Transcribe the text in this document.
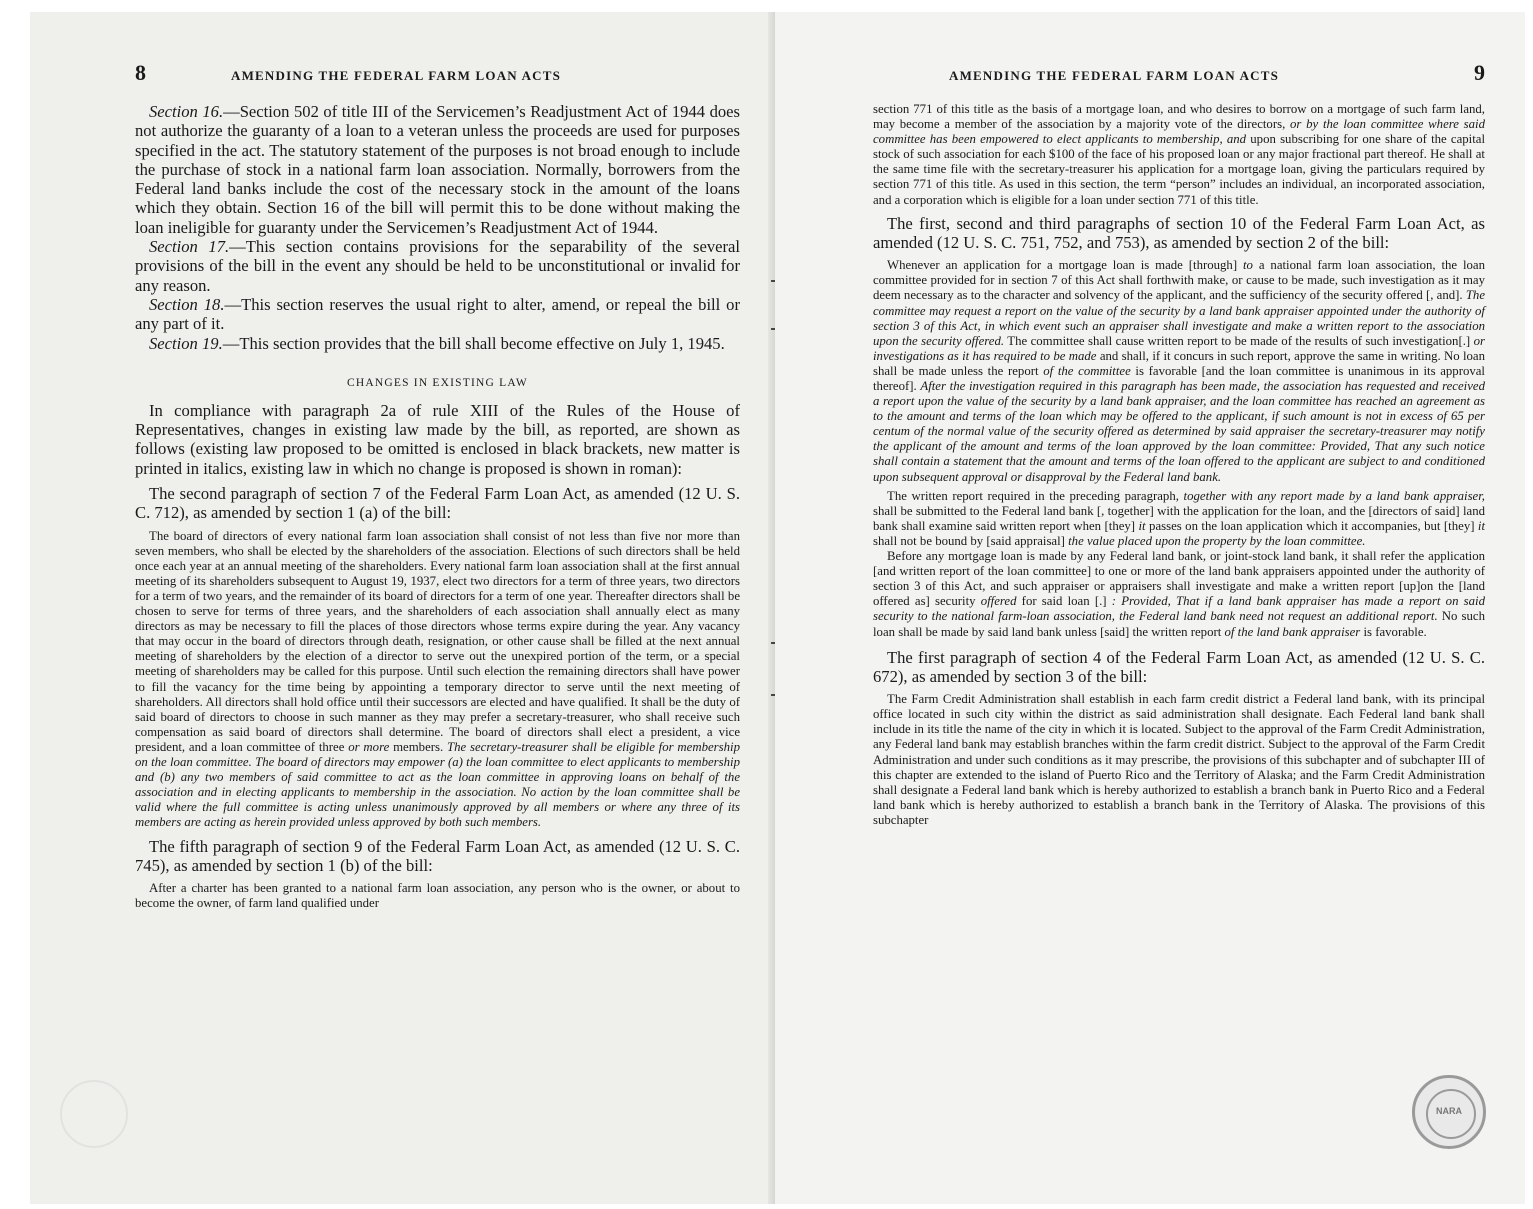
8	AMENDING THE FEDERAL FARM LOAN ACTS

Section 16.—Section 502 of title III of the Servicemen’s Readjustment Act of 1944 does not authorize the guaranty of a loan to a veteran unless the proceeds are used for purposes specified in the act. The statutory statement of the purposes is not broad enough to include the purchase of stock in a national farm loan association. Normally, borrowers from the Federal land banks include the cost of the necessary stock in the amount of the loans which they obtain. Section 16 of the bill will permit this to be done without making the loan ineligible for guaranty under the Servicemen’s Readjustment Act of 1944.

Section 17.—This section contains provisions for the separability of the several provisions of the bill in the event any should be held to be unconstitutional or invalid for any reason.

Section 18.—This section reserves the usual right to alter, amend, or repeal the bill or any part of it.

Section 19.—This section provides that the bill shall become effective on July 1, 1945.

CHANGES IN EXISTING LAW

In compliance with paragraph 2a of rule XIII of the Rules of the House of Representatives, changes in existing law made by the bill, as reported, are shown as follows (existing law proposed to be omitted is enclosed in black brackets, new matter is printed in italics, existing law in which no change is proposed is shown in roman):

The second paragraph of section 7 of the Federal Farm Loan Act, as amended (12 U. S. C. 712), as amended by section 1 (a) of the bill:

The board of directors of every national farm loan association shall consist of not less than five nor more than seven members, who shall be elected by the shareholders of the association. Elections of such directors shall be held once each year at an annual meeting of the shareholders. Every national farm loan association shall at the first annual meeting of its shareholders subsequent to August 19, 1937, elect two directors for a term of three years, two directors for a term of two years, and the remainder of its board of directors for a term of one year. Thereafter directors shall be chosen to serve for terms of three years, and the shareholders of each association shall annually elect as many directors as may be necessary to fill the places of those directors whose terms expire during the year. Any vacancy that may occur in the board of directors through death, resignation, or other cause shall be filled at the next annual meeting of shareholders by the election of a director to serve out the unexpired portion of the term, or a special meeting of shareholders may be called for this purpose. Until such election the remaining directors shall have power to fill the vacancy for the time being by appointing a temporary director to serve until the next meeting of shareholders. All directors shall hold office until their successors are elected and have qualified. It shall be the duty of said board of directors to choose in such manner as they may prefer a secretary-treasurer, who shall receive such compensation as said board of directors shall determine. The board of directors shall elect a president, a vice president, and a loan committee of three or more members. The secretary-treasurer shall be eligible for membership on the loan committee. The board of directors may empower (a) the loan committee to elect applicants to membership and (b) any two members of said committee to act as the loan committee in approving loans on behalf of the association and in electing applicants to membership in the association. No action by the loan committee shall be valid where the full committee is acting unless unanimously approved by all members or where any three of its members are acting as herein provided unless approved by both such members.

The fifth paragraph of section 9 of the Federal Farm Loan Act, as amended (12 U. S. C. 745), as amended by section 1 (b) of the bill:

After a charter has been granted to a national farm loan association, any person who is the owner, or about to become the owner, of farm land qualified under

AMENDING THE FEDERAL FARM LOAN ACTS	9

section 771 of this title as the basis of a mortgage loan, and who desires to borrow on a mortgage of such farm land, may become a member of the association by a majority vote of the directors, or by the loan committee where said committee has been empowered to elect applicants to membership, and upon subscribing for one share of the capital stock of such association for each $100 of the face of his proposed loan or any major fractional part thereof. He shall at the same time file with the secretary-treasurer his application for a mortgage loan, giving the particulars required by section 771 of this title. As used in this section, the term “person” includes an individual, an incorporated association, and a corporation which is eligible for a loan under section 771 of this title.

The first, second and third paragraphs of section 10 of the Federal Farm Loan Act, as amended (12 U. S. C. 751, 752, and 753), as amended by section 2 of the bill:

Whenever an application for a mortgage loan is made [through] to a national farm loan association, the loan committee provided for in section 7 of this Act shall forthwith make, or cause to be made, such investigation as it may deem necessary as to the character and solvency of the applicant, and the sufficiency of the security offered [, and]. The committee may request a report on the value of the security by a land bank appraiser appointed under the authority of section 3 of this Act, in which event such an appraiser shall investigate and make a written report to the association upon the security offered. The committee shall cause written report to be made of the results of such investigation[.] or investigations as it has required to be made and shall, if it concurs in such report, approve the same in writing. No loan shall be made unless the report of the committee is favorable [and the loan committee is unanimous in its approval thereof]. After the investigation required in this paragraph has been made, the association has requested and received a report upon the value of the security by a land bank appraiser, and the loan committee has reached an agreement as to the amount and terms of the loan which may be offered to the applicant, if such amount is not in excess of 65 per centum of the normal value of the security offered as determined by said appraiser the secretary-treasurer may notify the applicant of the amount and terms of the loan approved by the loan committee: Provided, That any such notice shall contain a statement that the amount and terms of the loan offered to the applicant are subject to and conditioned upon subsequent approval or disapproval by the Federal land bank.

The written report required in the preceding paragraph, together with any report made by a land bank appraiser, shall be submitted to the Federal land bank [, together] with the application for the loan, and the [directors of said] land bank shall examine said written report when [they] it passes on the loan application which it accompanies, but [they] it shall not be bound by [said appraisal] the value placed upon the property by the loan committee.

Before any mortgage loan is made by any Federal land bank, or joint-stock land bank, it shall refer the application [and written report of the loan committee] to one or more of the land bank appraisers appointed under the authority of section 3 of this Act, and such appraiser or appraisers shall investigate and make a written report [up]on the [land offered as] security offered for said loan [.] : Provided, That if a land bank appraiser has made a report on said security to the national farm-loan association, the Federal land bank need not request an additional report. No such loan shall be made by said land bank unless [said] the written report of the land bank appraiser is favorable.

The first paragraph of section 4 of the Federal Farm Loan Act, as amended (12 U. S. C. 672), as amended by section 3 of the bill:

The Farm Credit Administration shall establish in each farm credit district a Federal land bank, with its principal office located in such city within the district as said administration shall designate. Each Federal land bank shall include in its title the name of the city in which it is located. Subject to the approval of the Farm Credit Administration, any Federal land bank may establish branches within the farm credit district. Subject to the approval of the Farm Credit Administration and under such conditions as it may prescribe, the provisions of this subchapter and of subchapter III of this chapter are extended to the island of Puerto Rico and the Territory of Alaska; and the Farm Credit Administration shall designate a Federal land bank which is hereby authorized to establish a branch bank in Puerto Rico and a Federal land bank which is hereby authorized to establish a branch bank in the Territory of Alaska. The provisions of this subchapter

NARA
